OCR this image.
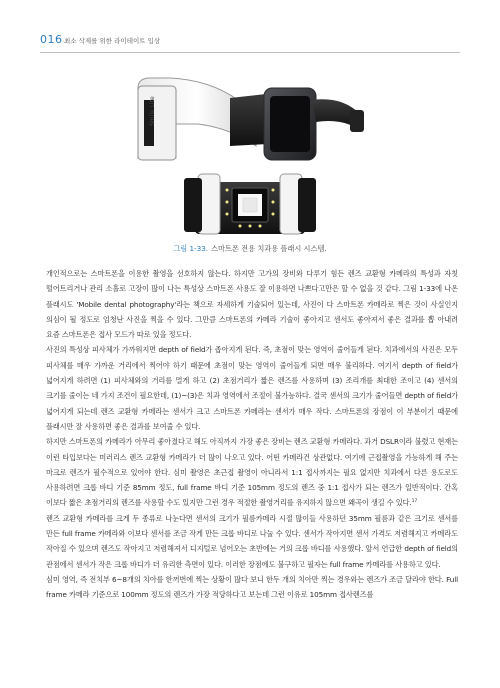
016 최소 삭제를 위한 라이테이트 입상
Smile Lite
그림 1-33. 스마트폰 전용 치과용 플래시 시스템.

개인적으로는 스마트폰을 이용한 촬영을 선호하지 않는다. 하지만 고가의 장비와 다루기 힘든 렌즈 교환형 카메라의 특성과 자칫 떨어트리거나 관리 소홀로 고장이 많이 나는 특성상 스마트폰 사용도 잘 이용하면 나쁘다고만은 할 수 없을 것 같다. 그림 1-33에 나온 플래시도 'Mobile dental photography'라는 책으로 자세하게 기술되어 있는데, 사진이 다 스마트폰 카메라로 찍은 것이 사실인지 의심이 될 정도로 엄청난 사진을 찍을 수 있다. 그만큼 스마트폰의 카메라 기술이 좋아지고 센서도 좋아져서 좋은 결과를 뽑 아내려 요즘 스마트폰은 접사 모드가 따로 있을 정도다.

사진의 특성상 피사체가 가까워지면 depth of field가 좁아지게 된다. 즉, 초점이 맞는 영역이 줄어들게 된다. 치과에서의 사진은 모두 피사체를 매우 가까운 거리에서 찍어야 하기 때문에 초점이 맞는 영역이 줄어들게 되면 매우 불리하다. 여기서 depth of field가 넓어지게 하려면 (1) 피사체와의 거리를 멀게 하고 (2) 초점거리가 짧은 렌즈를 사용하며 (3) 조리개를 최대한 조이고 (4) 센서의 크기를 줄이는 네 가지 조건이 필요한데, (1)~(3)은 치과 영역에서 조절이 불가능하다. 결국 센서의 크기가 줄어들면 depth of field가 넓어지게 되는데 렌즈 교환형 카메라는 센서가 크고 스마트폰 카메라는 센서가 매우 작다. 스마트폰의 장점이 이 부분이기 때문에 플래시만 잘 사용하면 좋은 결과를 보여줄 수 있다.

하지만 스마트폰의 카메라가 아무리 좋아졌다고 해도 아직까지 가장 좋은 장비는 렌즈 교환형 카메라다. 과거 DSLR이라 불렸고 현재는 이런 타입보다는 미러리스 렌즈 교환형 카메라가 더 많이 나오고 있다. 어떤 카메라건 상관없다. 여기에 근접촬영을 가능하게 해 주는 마크로 렌즈가 필수적으로 있어야 한다. 심미 촬영은 초근접 촬영이 아니라서 1:1 접사까지는 필요 없지만 치과에서 다른 용도로도 사용하려면 크롭 바디 기준 85mm 정도, full frame 바디 기준 105mm 정도의 렌즈 중 1:1 접사가 되는 렌즈가 일반적이다. 간혹 이보다 짧은 초점거리의 렌즈를 사용할 수도 있지만 그런 경우 적절한 촬영거리를 유지하지 않으면 왜곡이 생길 수 있다.$^{17}$

렌즈 교환형 카메라를 크게 두 종류로 나눈다면 센서의 크기가 필름카메라 시절 많이들 사용하던 35mm 필름과 같은 크기로 센서를 만든 full frame 카메라와 이보다 센서를 조금 작게 만든 크롭 바디로 나눌 수 있다. 센서가 작아지면 센서 가격도 저렴해지고 카메라도 작아질 수 있으며 렌즈도 작아지고 저렴해져서 디지털로 넘어오는 초반에는 거의 크롭 바디를 사용했다. 앞서 언급한 depth of field의 관점에서 센서가 작은 크롭 바디가 더 유리한 측면이 있다. 이러한 장점에도 불구하고 필자는 full frame 카메라를 사용하고 있다.

심미 영역, 즉 전치부 6~8개의 치아를 한꺼번에 찍는 상황이 많다 보니 한두 개의 치아만 찍는 경우와는 렌즈가 조금 달라야 한다. Full frame 카메라 기준으로 100mm 정도의 렌즈가 가장 적당하다고 보는데 그런 이유로 105mm 접사렌즈를
